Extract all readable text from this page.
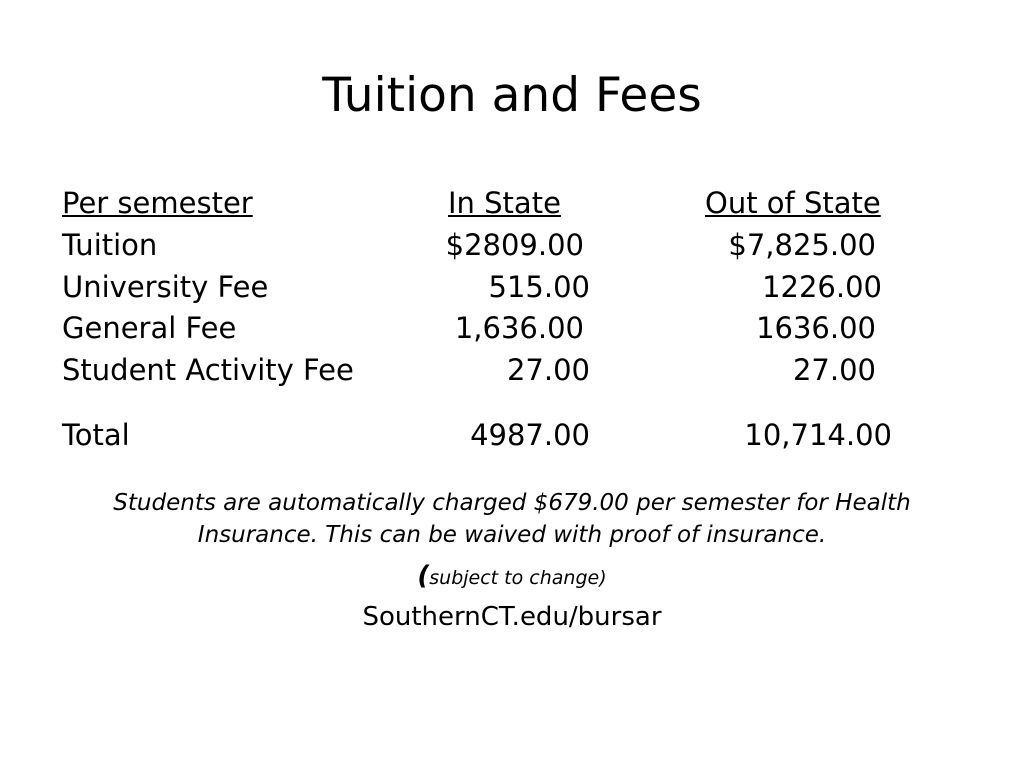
Tuition and Fees
Per semester	In State	Out of State
Tuition	$2809.00	$7,825.00
University Fee	515.00	1226.00
General Fee	1,636.00	1636.00
Student Activity Fee	27.00	27.00
Total	4987.00	10,714.00

Students are automatically charged $679.00 per semester for Health Insurance. This can be waived with proof of insurance.

(subject to change)
SouthernCT.edu/bursar
